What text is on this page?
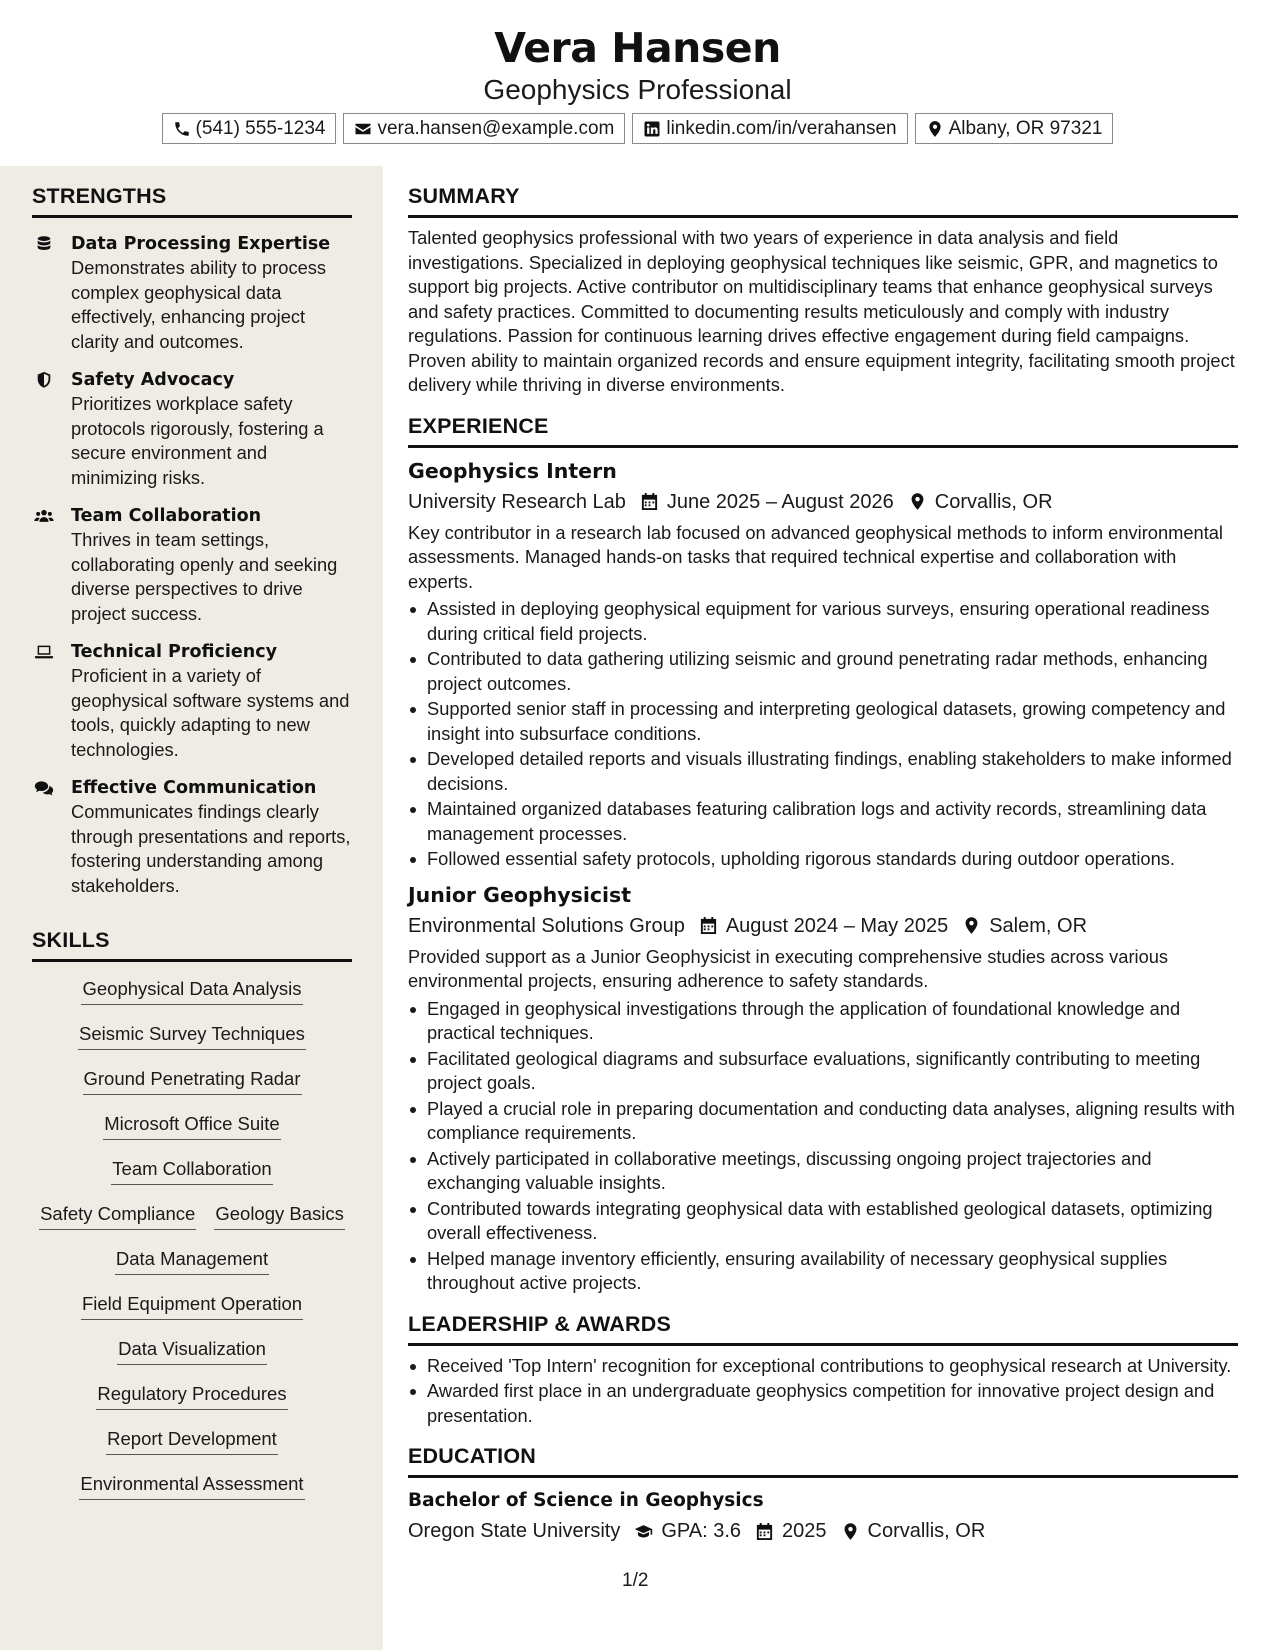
Vera Hansen
Geophysics Professional
(541) 555-1234	vera.hansen@example.com	linkedin.com/in/verahansen	Albany, OR 97321
STRENGTHS
Data Processing Expertise
Demonstrates ability to process complex geophysical data effectively, enhancing project clarity and outcomes.
Safety Advocacy
Prioritizes workplace safety protocols rigorously, fostering a secure environment and minimizing risks.
Team Collaboration
Thrives in team settings, collaborating openly and seeking diverse perspectives to drive project success.
Technical Proficiency
Proficient in a variety of geophysical software systems and tools, quickly adapting to new technologies.
Effective Communication
Communicates findings clearly through presentations and reports, fostering understanding among stakeholders.
SKILLS
Geophysical Data Analysis
Seismic Survey Techniques
Ground Penetrating Radar
Microsoft Office Suite
Team Collaboration
Safety Compliance Geology Basics
Data Management
Field Equipment Operation
Data Visualization
Regulatory Procedures
Report Development
Environmental Assessment
SUMMARY
Talented geophysics professional with two years of experience in data analysis and field investigations. Specialized in deploying geophysical techniques like seismic, GPR, and magnetics to support big projects. Active contributor on multidisciplinary teams that enhance geophysical surveys and safety practices. Committed to documenting results meticulously and comply with industry regulations. Passion for continuous learning drives effective engagement during field campaigns. Proven ability to maintain organized records and ensure equipment integrity, facilitating smooth project delivery while thriving in diverse environments.
EXPERIENCE
Geophysics Intern
University Research Lab June 2025 – August 2026 Corvallis, OR
Key contributor in a research lab focused on advanced geophysical methods to inform environmental assessments. Managed hands-on tasks that required technical expertise and collaboration with experts.
Assisted in deploying geophysical equipment for various surveys, ensuring operational readiness during critical field projects.
Contributed to data gathering utilizing seismic and ground penetrating radar methods, enhancing project outcomes.
Supported senior staff in processing and interpreting geological datasets, growing competency and insight into subsurface conditions.
Developed detailed reports and visuals illustrating findings, enabling stakeholders to make informed decisions.
Maintained organized databases featuring calibration logs and activity records, streamlining data management processes.
Followed essential safety protocols, upholding rigorous standards during outdoor operations.
Junior Geophysicist
Environmental Solutions Group August 2024 – May 2025 Salem, OR
Provided support as a Junior Geophysicist in executing comprehensive studies across various environmental projects, ensuring adherence to safety standards.
Engaged in geophysical investigations through the application of foundational knowledge and practical techniques.
Facilitated geological diagrams and subsurface evaluations, significantly contributing to meeting project goals.
Played a crucial role in preparing documentation and conducting data analyses, aligning results with compliance requirements.
Actively participated in collaborative meetings, discussing ongoing project trajectories and exchanging valuable insights.
Contributed towards integrating geophysical data with established geological datasets, optimizing overall effectiveness.
Helped manage inventory efficiently, ensuring availability of necessary geophysical supplies throughout active projects.
LEADERSHIP & AWARDS
Received 'Top Intern' recognition for exceptional contributions to geophysical research at University.
Awarded first place in an undergraduate geophysics competition for innovative project design and presentation.
EDUCATION
Bachelor of Science in Geophysics
Oregon State University GPA: 3.6 2025 Corvallis, OR
1/2
